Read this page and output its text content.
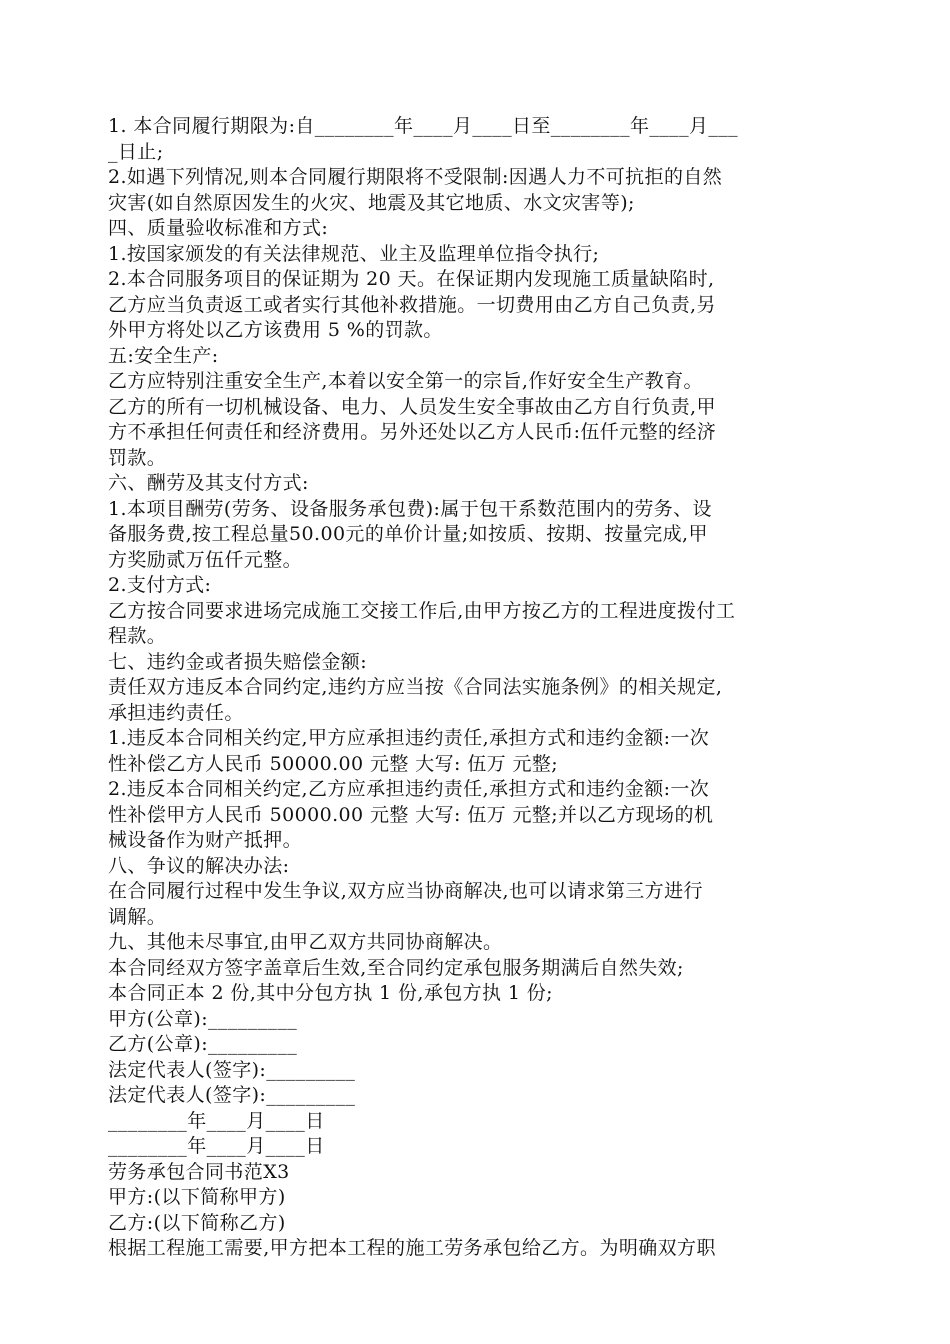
1. 本合同履行期限为:自________年____月____日至________年____月___

_日止;

2.如遇下列情况,则本合同履行期限将不受限制:因遇人力不可抗拒的自然

灾害(如自然原因发生的火灾、地震及其它地质、水文灾害等);

四、质量验收标准和方式:

1.按国家颁发的有关法律规范、业主及监理单位指令执行;

2.本合同服务项目的保证期为 20 天。在保证期内发现施工质量缺陷时,

乙方应当负责返工或者实行其他补救措施。一切费用由乙方自己负责,另

外甲方将处以乙方该费用 5 %的罚款。

五:安全生产:

乙方应特别注重安全生产,本着以安全第一的宗旨,作好安全生产教育。

乙方的所有一切机械设备、电力、人员发生安全事故由乙方自行负责,甲

方不承担任何责任和经济费用。另外还处以乙方人民币:伍仟元整的经济

罚款。

六、酬劳及其支付方式:

1.本项目酬劳(劳务、设备服务承包费):属于包干系数范围内的劳务、设

备服务费,按工程总量50.00元的单价计量;如按质、按期、按量完成,甲

方奖励贰万伍仟元整。

2.支付方式:

乙方按合同要求进场完成施工交接工作后,由甲方按乙方的工程进度拨付工

程款。

七、违约金或者损失赔偿金额:

责任双方违反本合同约定,违约方应当按《合同法实施条例》的相关规定,

承担违约责任。

1.违反本合同相关约定,甲方应承担违约责任,承担方式和违约金额:一次

性补偿乙方人民币 50000.00 元整 大写: 伍万 元整;

2.违反本合同相关约定,乙方应承担违约责任,承担方式和违约金额:一次

性补偿甲方人民币 50000.00 元整 大写: 伍万 元整;并以乙方现场的机

械设备作为财产抵押。

八、争议的解决办法:

在合同履行过程中发生争议,双方应当协商解决,也可以请求第三方进行

调解。

九、其他未尽事宜,由甲乙双方共同协商解决。

本合同经双方签字盖章后生效,至合同约定承包服务期满后自然失效;

本合同正本 2 份,其中分包方执 1 份,承包方执 1 份;

甲方(公章):_________

乙方(公章):_________

法定代表人(签字):_________

法定代表人(签字):_________

________年____月____日

________年____月____日

劳务承包合同书范X3

甲方:(以下简称甲方)

乙方:(以下简称乙方)

根据工程施工需要,甲方把本工程的施工劳务承包给乙方。为明确双方职
